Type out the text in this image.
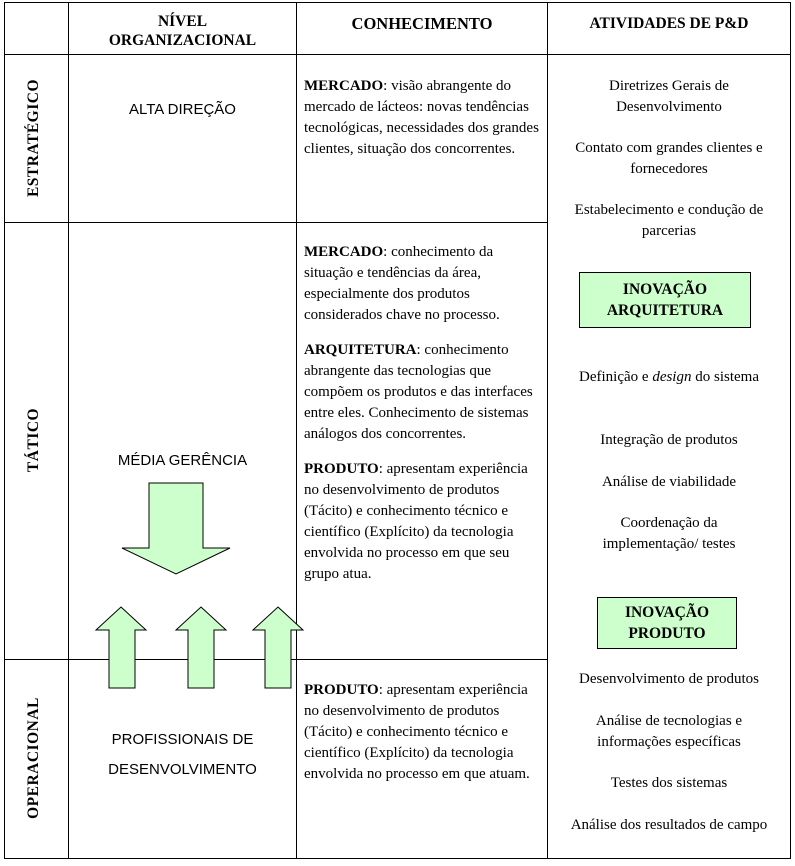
NÍVEL ORGANIZACIONAL
CONHECIMENTO	ATIVIDADES DE P&D
ESTRATÉGICO
TÁTICO
OPERACIONAL
ALTA DIREÇÃO
MÉDIA GERÊNCIA
PROFISSIONAIS DE
DESENVOLVIMENTO
MERCADO: visão abrangente do mercado de lácteos: novas tendências tecnológicas, necessidades dos grandes clientes, situação dos concorrentes.

MERCADO: conhecimento da situação e tendências da área, especialmente dos produtos considerados chave no processo.

ARQUITETURA: conhecimento abrangente das tecnologias que compõem os produtos e das interfaces entre eles. Conhecimento de sistemas análogos dos concorrentes.

PRODUTO: apresentam experiência no desenvolvimento de produtos (Tácito) e conhecimento técnico e científico (Explícito) da tecnologia envolvida no processo em que seu grupo atua.

PRODUTO: apresentam experiência no desenvolvimento de produtos (Tácito) e conhecimento técnico e científico (Explícito) da tecnologia envolvida no processo em que atuam.
Diretrizes Gerais de Desenvolvimento
Contato com grandes clientes e fornecedores
Estabelecimento e condução de parcerias
INOVAÇÃO
ARQUITETURA
Definição e design do sistema
Integração de produtos
Análise de viabilidade
Coordenação da implementação/ testes
INOVAÇÃO
PRODUTO
Desenvolvimento de produtos
Análise de tecnologias e informações específicas
Testes dos sistemas
Análise dos resultados de campo
